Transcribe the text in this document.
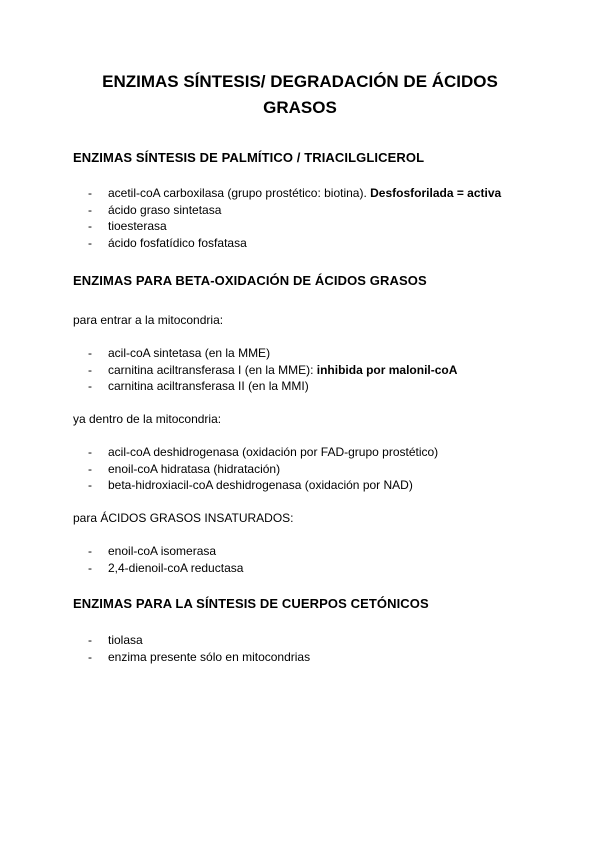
ENZIMAS SÍNTESIS/ DEGRADACIÓN DE ÁCIDOS
GRASOS
ENZIMAS SÍNTESIS DE PALMÍTICO / TRIACILGLICEROL
- acetil-coA carboxilasa (grupo prostético: biotina). Desfosforilada = activa
- ácido graso sintetasa
- tioesterasa
- ácido fosfatídico fosfatasa
ENZIMAS PARA BETA-OXIDACIÓN DE ÁCIDOS GRASOS

para entrar a la mitocondria:

- acil-coA sintetasa (en la MME)
- carnitina aciltransferasa I (en la MME): inhibida por malonil-coA
- carnitina aciltransferasa II (en la MMI)

ya dentro de la mitocondria:

- acil-coA deshidrogenasa (oxidación por FAD-grupo prostético)
- enoil-coA hidratasa (hidratación)
- beta-hidroxiacil-coA deshidrogenasa (oxidación por NAD)

para ÁCIDOS GRASOS INSATURADOS:

- enoil-coA isomerasa
- 2,4-dienoil-coA reductasa
ENZIMAS PARA LA SÍNTESIS DE CUERPOS CETÓNICOS
- tiolasa
- enzima presente sólo en mitocondrias
